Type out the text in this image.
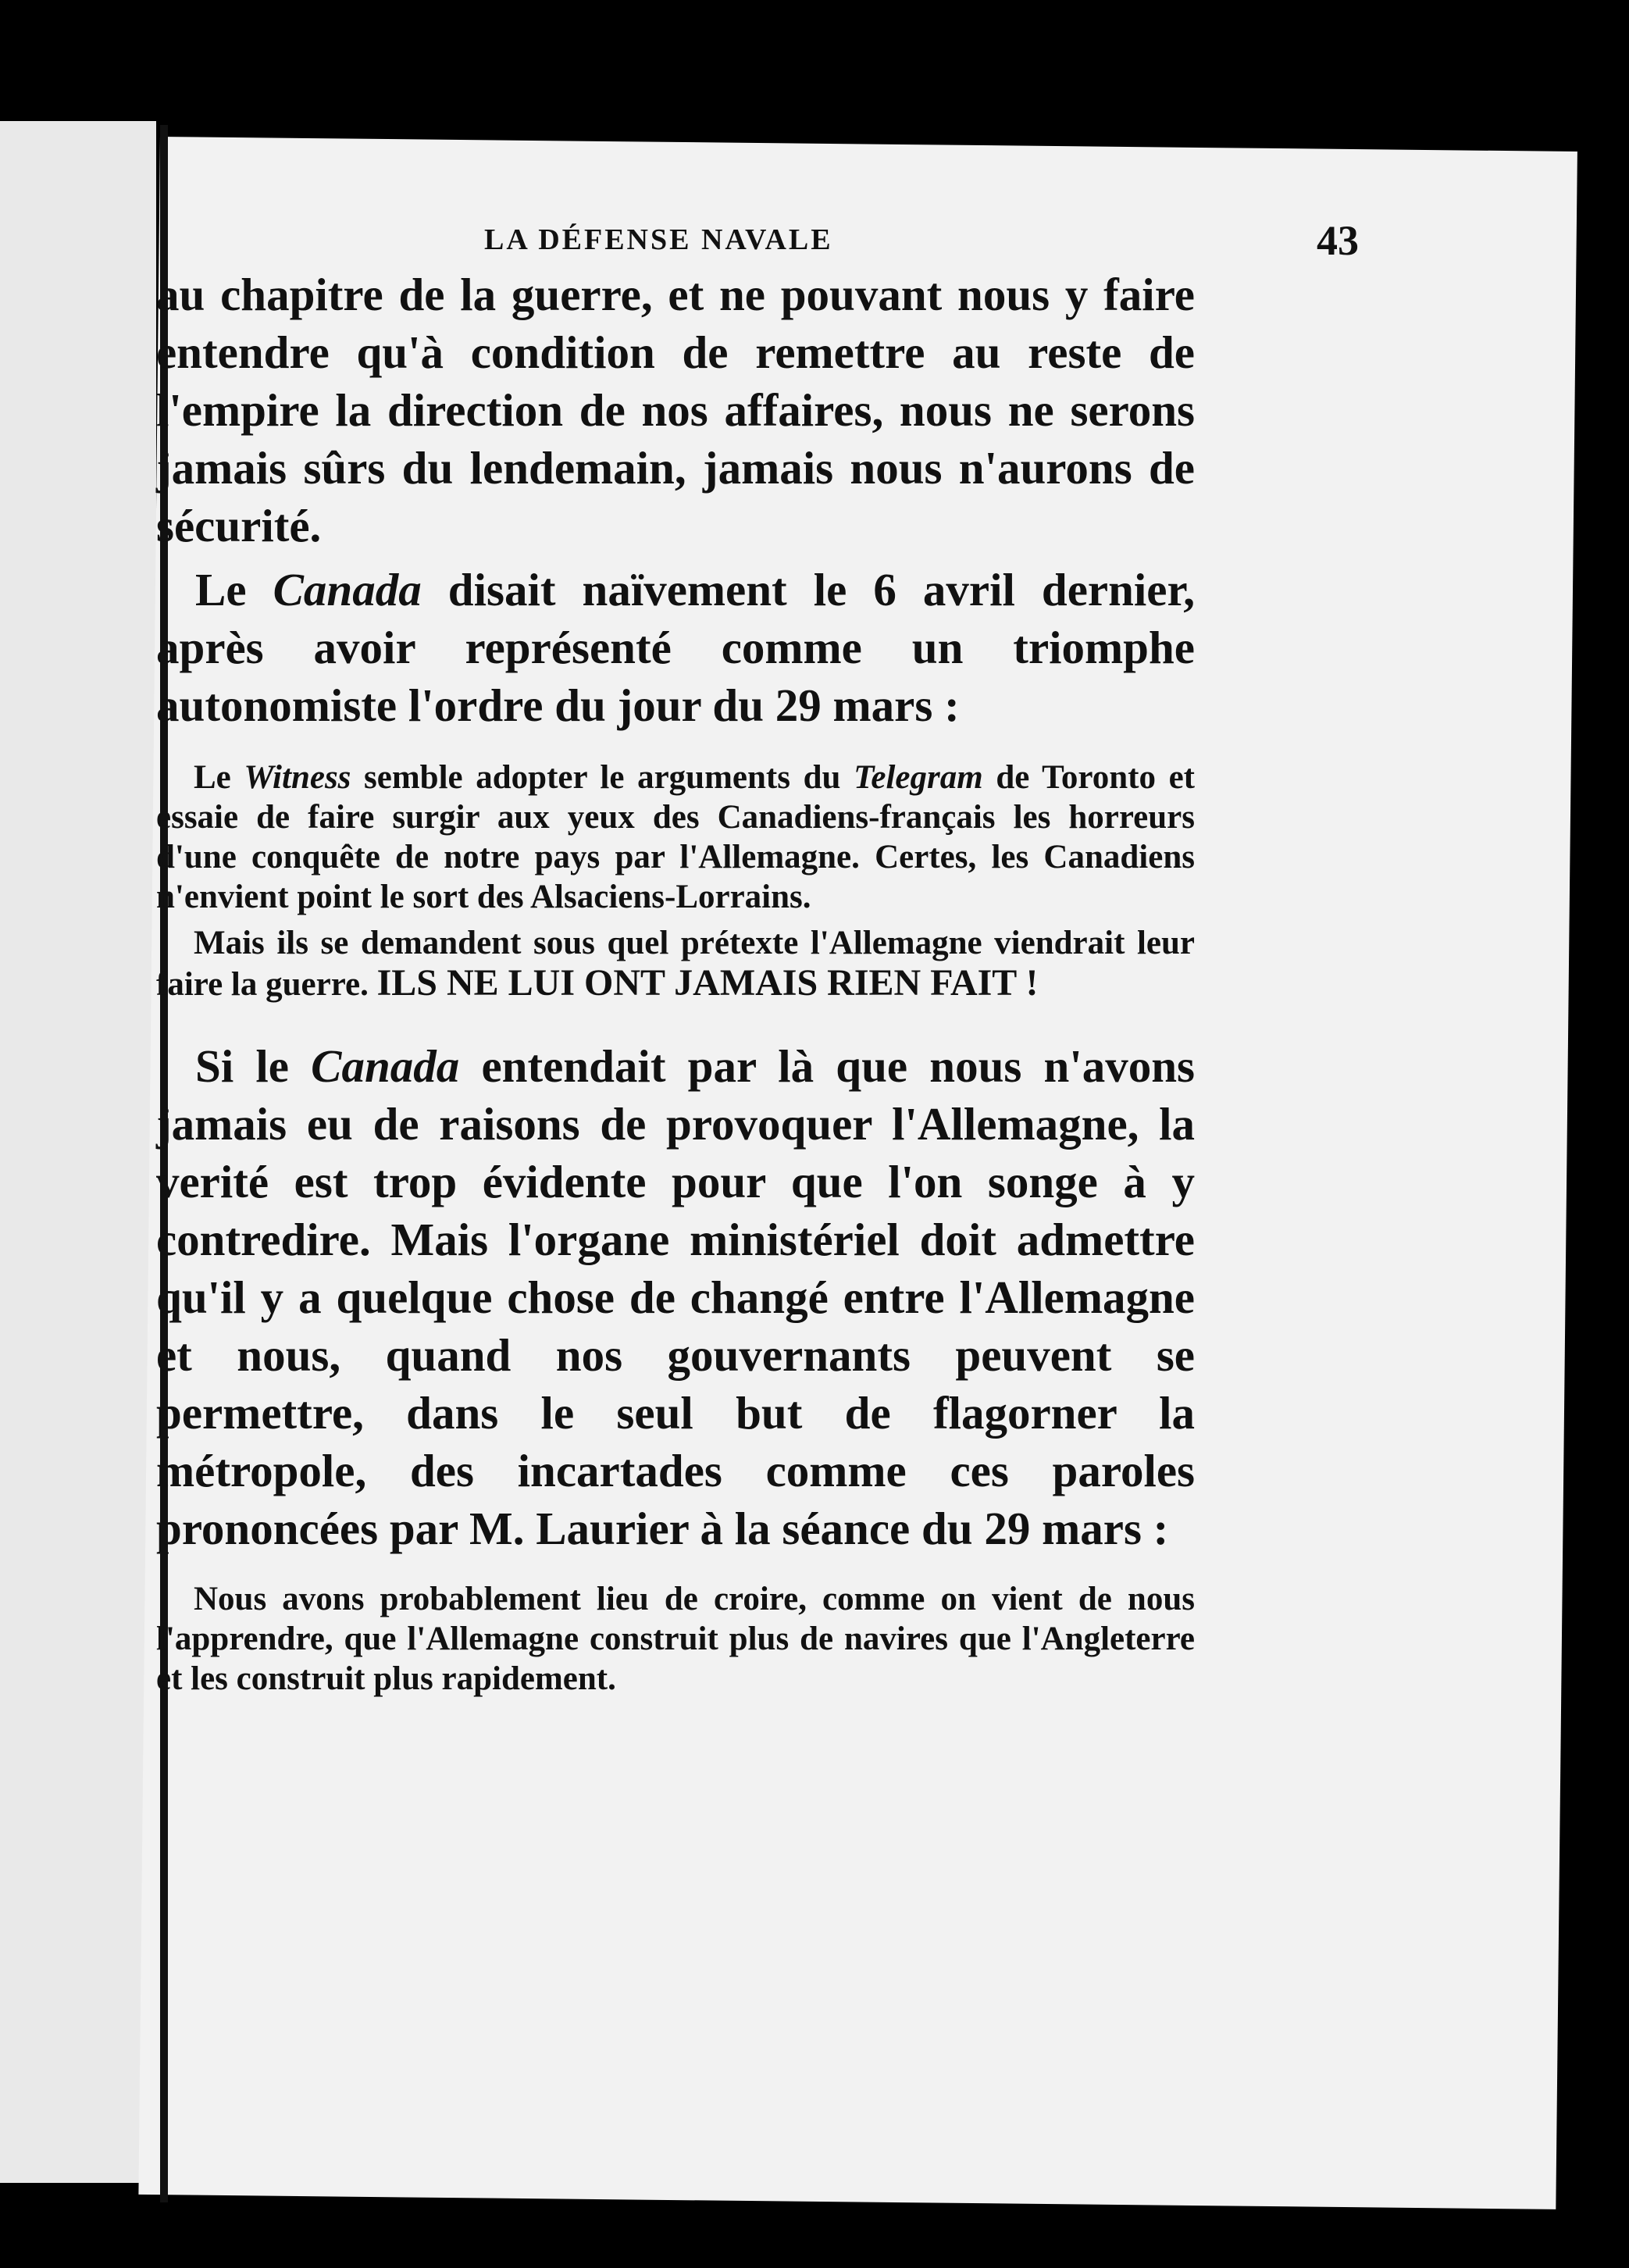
LA DÉFENSE NAVALE	43

au chapitre de la guerre, et ne pouvant nous y faire entendre qu'à condition de remettre au reste de l'empire la direction de nos affaires, nous ne serons jamais sûrs du lendemain, jamais nous n'aurons de sécurité.

Le Canada disait naïvement le 6 avril dernier, après avoir représenté comme un triomphe autonomiste l'ordre du jour du 29 mars :

Le Witness semble adopter le arguments du Telegram de Toronto et essaie de faire surgir aux yeux des Canadiens-français les horreurs d'une conquête de notre pays par l'Allemagne. Certes, les Canadiens n'envient point le sort des Alsaciens-Lorrains.

Mais ils se demandent sous quel prétexte l'Allemagne viendrait leur faire la guerre. ILS NE LUI ONT JAMAIS RIEN FAIT !

Si le Canada entendait par là que nous n'avons jamais eu de raisons de provoquer l'Allemagne, la verité est trop évidente pour que l'on songe à y contredire. Mais l'organe ministériel doit admettre qu'il y a quelque chose de changé entre l'Allemagne et nous, quand nos gouvernants peuvent se permettre, dans le seul but de flagorner la métropole, des incartades comme ces paroles prononcées par M. Laurier à la séance du 29 mars :

Nous avons probablement lieu de croire, comme on vient de nous l'apprendre, que l'Allemagne construit plus de navires que l'Angleterre et les construit plus rapidement.
